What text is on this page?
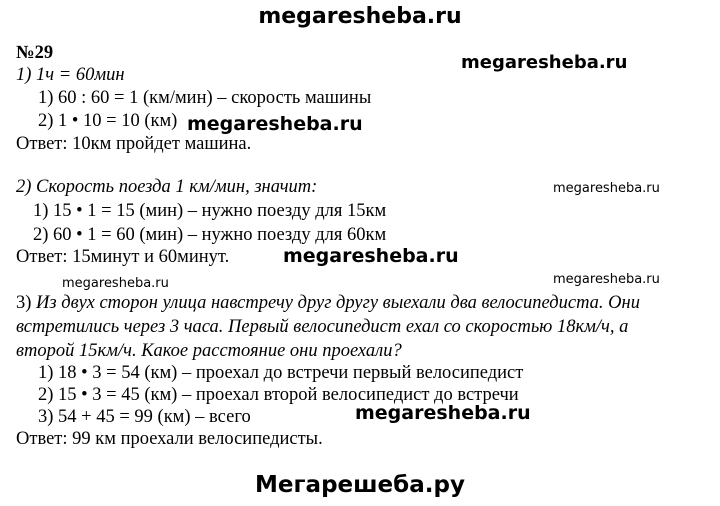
megaresheba.ru
megaresheba.ru
megaresheba.ru
megaresheba.ru
megaresheba.ru
megaresheba.ru	megaresheba.ru
megaresheba.ru
№29
1) 1ч = 60мин
1) 60 : 60 = 1 (км/мин) – скорость машины
2) 1 • 10 = 10 (км)
Ответ: 10км пройдет машина.
2) Скорость поезда 1 км/мин, значит:
1) 15 • 1 = 15 (мин) – нужно поезду для 15км
2) 60 • 1 = 60 (мин) – нужно поезду для 60км
Ответ: 15минут и 60минут.
3) Из двух сторон улица навстречу друг другу выехали два велосипедиста. Они
встретились через 3 часа. Первый велосипедист ехал со скоростью 18км/ч, а
второй 15км/ч. Какое расстояние они проехали?
1) 18 • 3 = 54 (км) – проехал до встречи первый велосипедист
2) 15 • 3 = 45 (км) – проехал второй велосипедист до встречи
3) 54 + 45 = 99 (км) – всего
Ответ: 99 км проехали велосипедисты.
Мегарешеба.ру
